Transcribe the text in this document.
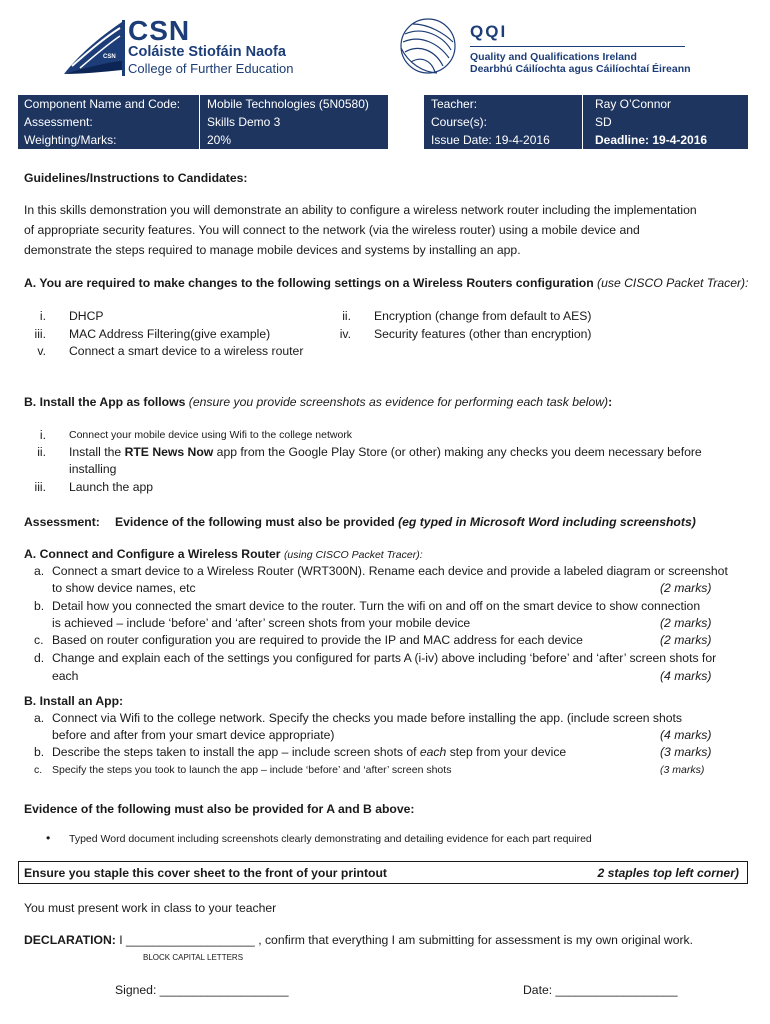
CSN
Coláiste Stiofáin Naofa
College of Further Education
CSN
QQI
Quality and Qualifications Ireland
Dearbhú Cáilíochta agus Cáilíochtaí Éireann
Component Name and Code: Mobile Technologies (5N0580)
Assessment:	Skills Demo 3
Weighting/Marks:	20%
Teacher:	Ray O’Connor
Course(s):	SD
Issue Date: 19-4-2016	Deadline: 19-4-2016
Guidelines/Instructions to Candidates:
In this skills demonstration you will demonstrate an ability to configure a wireless network router including the implementation
of appropriate security features. You will connect to the network (via the wireless router) using a mobile device and
demonstrate the steps required to manage mobile devices and systems by installing an app.
A. You are required to make changes to the following settings on a Wireless Routers configuration (use CISCO Packet Tracer):
i. DHCP	ii. Encryption (change from default to AES)
iii. MAC Address Filtering(give example)	iv. Security features (other than encryption)
v. Connect a smart device to a wireless router
B. Install the App as follows (ensure you provide screenshots as evidence for performing each task below):
i. Connect your mobile device using Wifi to the college network
ii. Install the RTE News Now app from the Google Play Store (or other) making any checks you deem necessary before
installing
iii. Launch the app
Assessment: Evidence of the following must also be provided (eg typed in Microsoft Word including screenshots)
A. Connect and Configure a Wireless Router (using CISCO Packet Tracer):
a. Connect a smart device to a Wireless Router (WRT300N). Rename each device and provide a labeled diagram or screenshot
to show device names, etc	(2 marks)
b. Detail how you connected the smart device to the router. Turn the wifi on and off on the smart device to show connection
is achieved – include ‘before’ and ‘after’ screen shots from your mobile device	(2 marks)
c. Based on router configuration you are required to provide the IP and MAC address for each device	(2 marks)
d. Change and explain each of the settings you configured for parts A (i-iv) above including ‘before’ and ‘after’ screen shots for
each	(4 marks)
B. Install an App:
a. Connect via Wifi to the college network. Specify the checks you made before installing the app. (include screen shots
before and after from your smart device appropriate)	(4 marks)
b. Describe the steps taken to install the app – include screen shots of each step from your device	(3 marks)
c. Specify the steps you took to launch the app – include ‘before’ and ‘after’ screen shots	(3 marks)
Evidence of the following must also be provided for A and B above:
• Typed Word document including screenshots clearly demonstrating and detailing evidence for each part required
Ensure you staple this cover sheet to the front of your printout	2 staples top left corner)
You must present work in class to your teacher
DECLARATION: I ___________________ , confirm that everything I am submitting for assessment is my own original work.
BLOCK CAPITAL LETTERS
Signed: ___________________	Date: __________________
